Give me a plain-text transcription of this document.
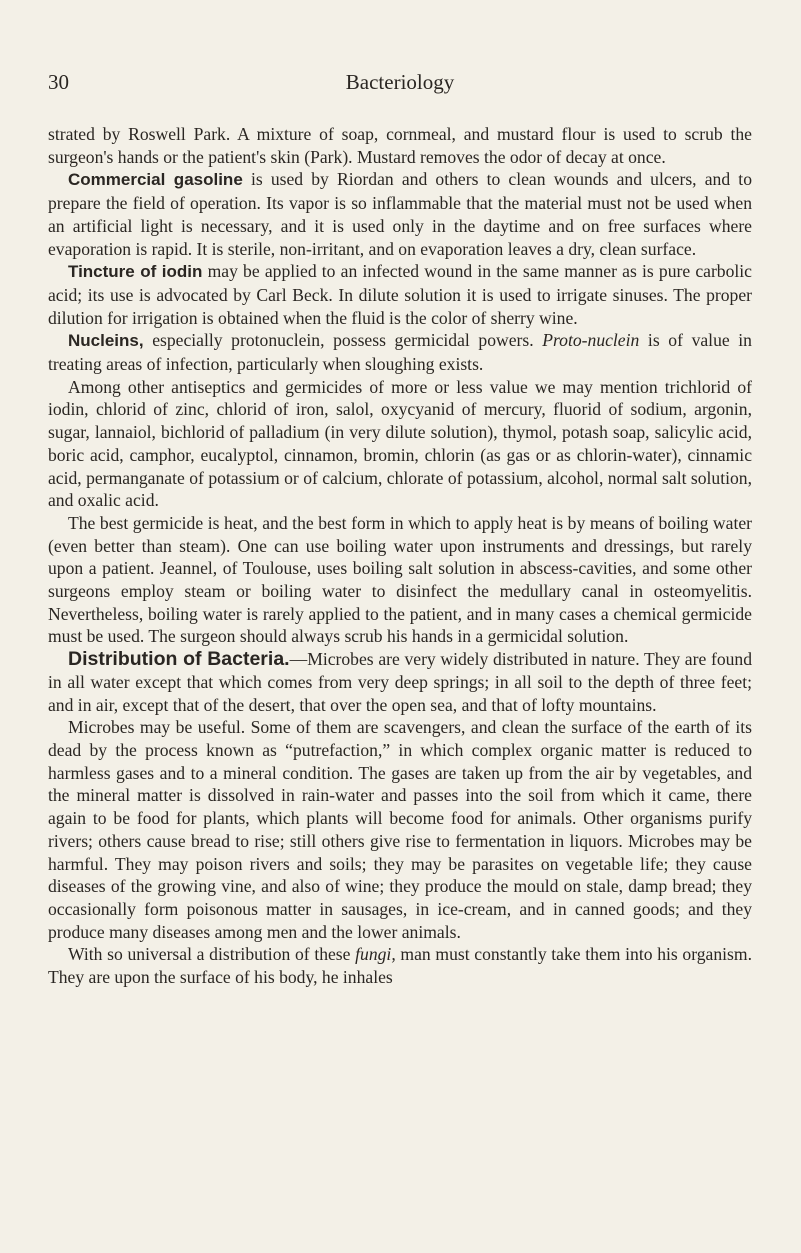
30	Bacteriology

strated by Roswell Park. A mixture of soap, cornmeal, and mustard flour is used to scrub the surgeon's hands or the patient's skin (Park). Mustard removes the odor of decay at once.

Commercial gasoline is used by Riordan and others to clean wounds and ulcers, and to prepare the field of operation. Its vapor is so inflammable that the material must not be used when an artificial light is necessary, and it is used only in the daytime and on free surfaces where evaporation is rapid. It is sterile, non-irritant, and on evaporation leaves a dry, clean surface.

Tincture of iodin may be applied to an infected wound in the same manner as is pure carbolic acid; its use is advocated by Carl Beck. In dilute solution it is used to irrigate sinuses. The proper dilution for irrigation is obtained when the fluid is the color of sherry wine.

Nucleins, especially protonuclein, possess germicidal powers. Proto-nuclein is of value in treating areas of infection, particularly when sloughing exists.

Among other antiseptics and germicides of more or less value we may mention trichlorid of iodin, chlorid of zinc, chlorid of iron, salol, oxycyanid of mercury, fluorid of sodium, argonin, sugar, lannaiol, bichlorid of palladium (in very dilute solution), thymol, potash soap, salicylic acid, boric acid, camphor, eucalyptol, cinnamon, bromin, chlorin (as gas or as chlorin-water), cinnamic acid, permanganate of potassium or of calcium, chlorate of potassium, alcohol, normal salt solution, and oxalic acid.

The best germicide is heat, and the best form in which to apply heat is by means of boiling water (even better than steam). One can use boiling water upon instruments and dressings, but rarely upon a patient. Jeannel, of Toulouse, uses boiling salt solution in abscess-cavities, and some other surgeons employ steam or boiling water to disinfect the medullary canal in osteomyelitis. Nevertheless, boiling water is rarely applied to the patient, and in many cases a chemical germicide must be used. The surgeon should always scrub his hands in a germicidal solution.

Distribution of Bacteria.—Microbes are very widely distributed in nature. They are found in all water except that which comes from very deep springs; in all soil to the depth of three feet; and in air, except that of the desert, that over the open sea, and that of lofty mountains.

Microbes may be useful. Some of them are scavengers, and clean the surface of the earth of its dead by the process known as “putrefaction,” in which complex organic matter is reduced to harmless gases and to a mineral condition. The gases are taken up from the air by vegetables, and the mineral matter is dissolved in rain-water and passes into the soil from which it came, there again to be food for plants, which plants will become food for animals. Other organisms purify rivers; others cause bread to rise; still others give rise to fermentation in liquors. Microbes may be harmful. They may poison rivers and soils; they may be parasites on vegetable life; they cause diseases of the growing vine, and also of wine; they produce the mould on stale, damp bread; they occasionally form poisonous matter in sausages, in ice-cream, and in canned goods; and they produce many diseases among men and the lower animals.

With so universal a distribution of these fungi, man must constantly take them into his organism. They are upon the surface of his body, he inhales
